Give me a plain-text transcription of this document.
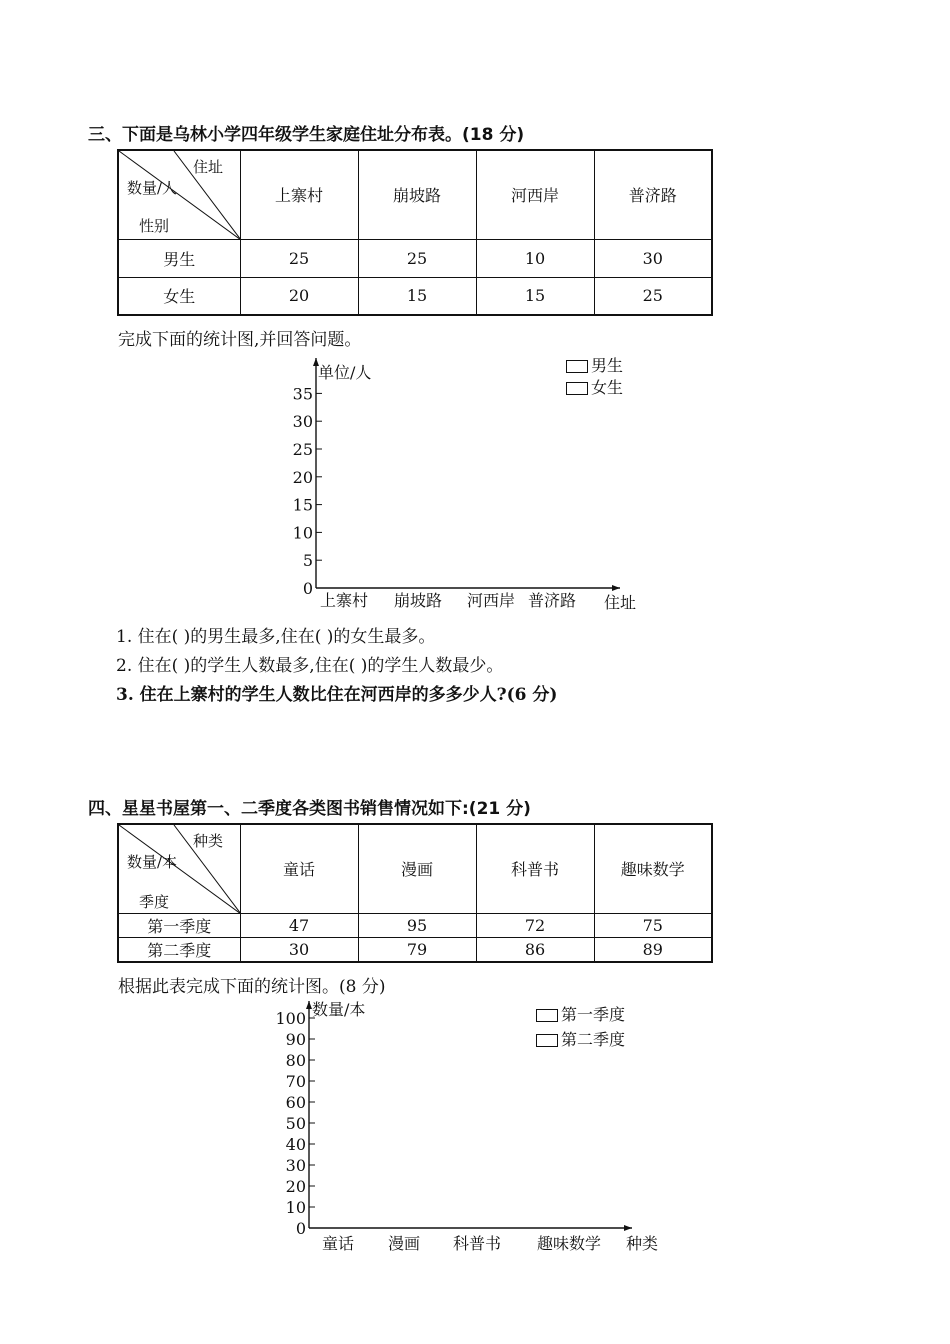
三、下面是乌林小学四年级学生家庭住址分布表。(18 分)
住址
数量/人
性别	上寨村	崩坡路	河西岸	普济路
男生	25	25	10	30
女生	20	15	15	25
完成下面的统计图,并回答问题。
0
5
10
15
20
25
30
35
上寨村 崩坡路 河西岸 普济路
单位/人
住址
男生
女生
1. 住在( )的男生最多,住在( )的女生最多。
2. 住在( )的学生人数最多,住在( )的学生人数最少。
3. 住在上寨村的学生人数比住在河西岸的多多少人?(6 分)
四、星星书屋第一、二季度各类图书销售情况如下:(21 分)
种类
数量/本
季度	童话	漫画	科普书	趣味数学
第一季度	47	95	72	75
第二季度	30	79	86	89
根据此表完成下面的统计图。(8 分)
0
10
20
30
40
50
60
70
80
90
100
童话 漫画 科普书 趣味数学
数量/本
种类
第一季度
第二季度
